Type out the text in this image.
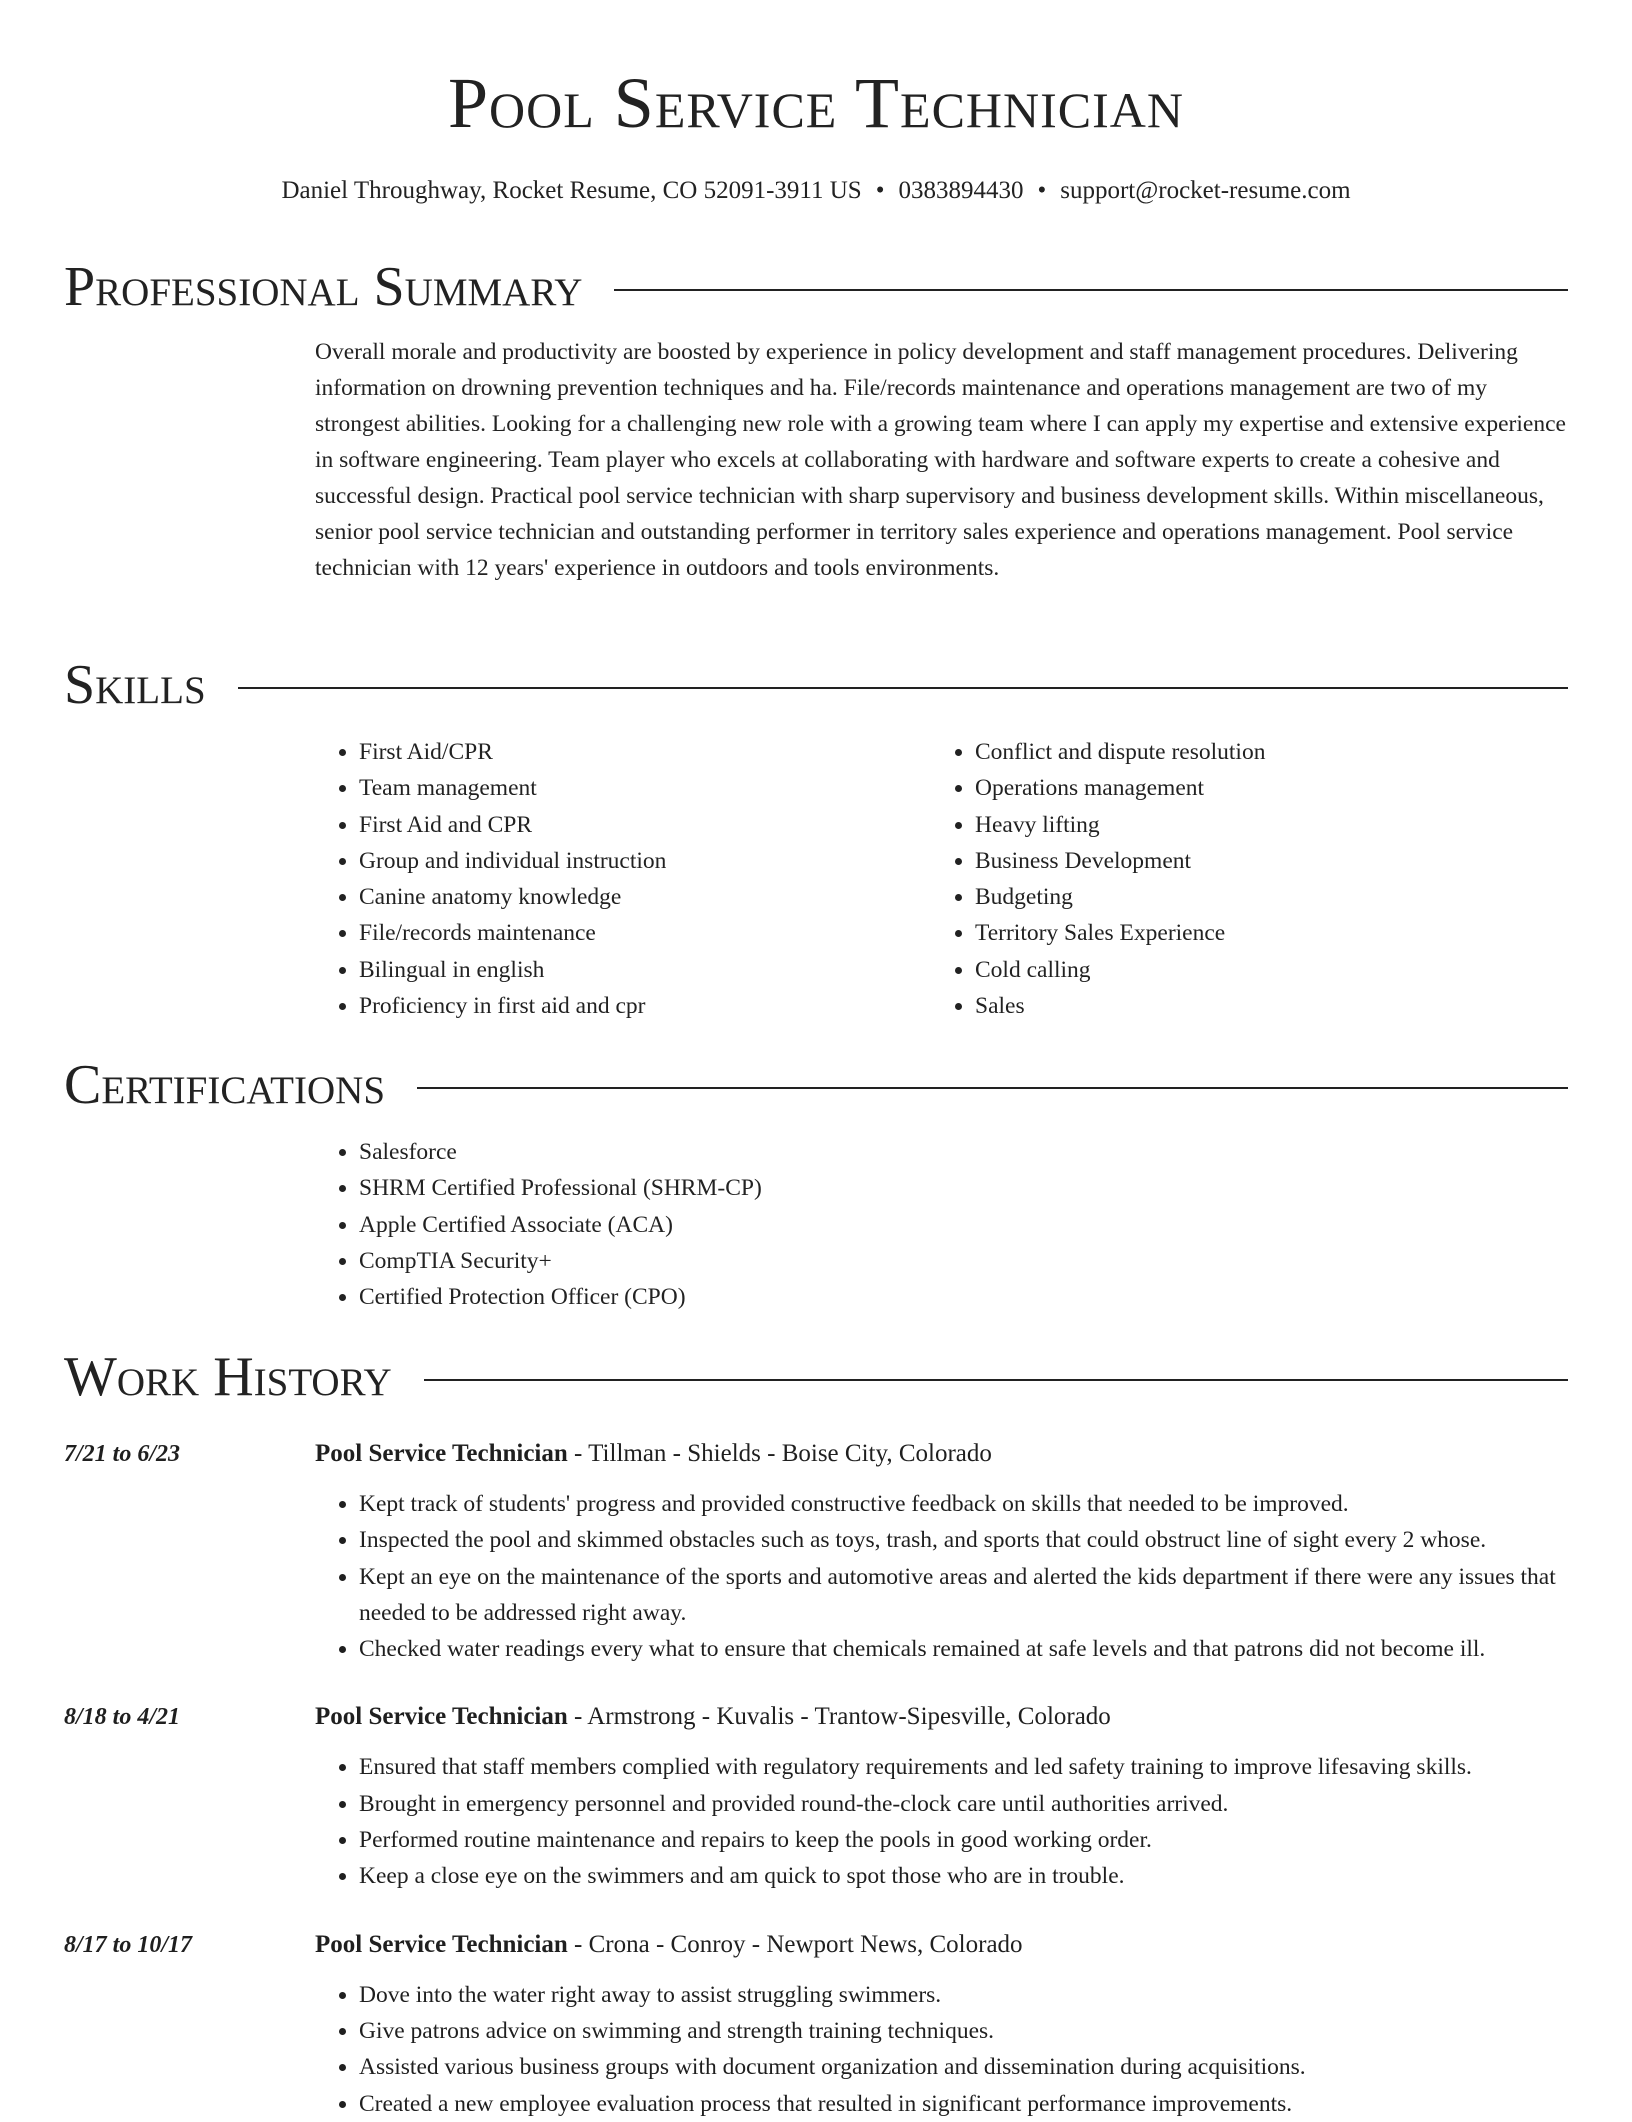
Pool Service Technician
Daniel Throughway, Rocket Resume, CO 52091-3911 US • 0383894430 • support@rocket-resume.com
Professional Summary

Overall morale and productivity are boosted by experience in policy development and staff management procedures. Delivering information on drowning prevention techniques and ha. File/records maintenance and operations management are two of my strongest abilities. Looking for a challenging new role with a growing team where I can apply my expertise and extensive experience in software engineering. Team player who excels at collaborating with hardware and software experts to create a cohesive and successful design. Practical pool service technician with sharp supervisory and business development skills. Within miscellaneous, senior pool service technician and outstanding performer in territory sales experience and operations management. Pool service technician with 12 years' experience in outdoors and tools environments.

Skills
• First Aid/CPR
• Team management
• First Aid and CPR
• Group and individual instruction
• Canine anatomy knowledge
• File/records maintenance
• Bilingual in english
• Proficiency in first aid and cpr
• Conflict and dispute resolution
• Operations management
• Heavy lifting
• Business Development
• Budgeting
• Territory Sales Experience
• Cold calling
• Sales
Certifications
• Salesforce
• SHRM Certified Professional (SHRM-CP)
• Apple Certified Associate (ACA)
• CompTIA Security+
• Certified Protection Officer (CPO)
Work History
7/21 to 6/23	Pool Service Technician - Tillman - Shields - Boise City, Colorado
• Kept track of students' progress and provided constructive feedback on skills that needed to be improved.
• Inspected the pool and skimmed obstacles such as toys, trash, and sports that could obstruct line of sight every 2 whose.
• Kept an eye on the maintenance of the sports and automotive areas and alerted the kids department if there were any issues that needed to be addressed right away.
• Checked water readings every what to ensure that chemicals remained at safe levels and that patrons did not become ill.
8/18 to 4/21	Pool Service Technician - Armstrong - Kuvalis - Trantow-Sipesville, Colorado
• Ensured that staff members complied with regulatory requirements and led safety training to improve lifesaving skills.
• Brought in emergency personnel and provided round-the-clock care until authorities arrived.
• Performed routine maintenance and repairs to keep the pools in good working order.
• Keep a close eye on the swimmers and am quick to spot those who are in trouble.
8/17 to 10/17	Pool Service Technician - Crona - Conroy - Newport News, Colorado
• Dove into the water right away to assist struggling swimmers.
• Give patrons advice on swimming and strength training techniques.
• Assisted various business groups with document organization and dissemination during acquisitions.
• Created a new employee evaluation process that resulted in significant performance improvements.
